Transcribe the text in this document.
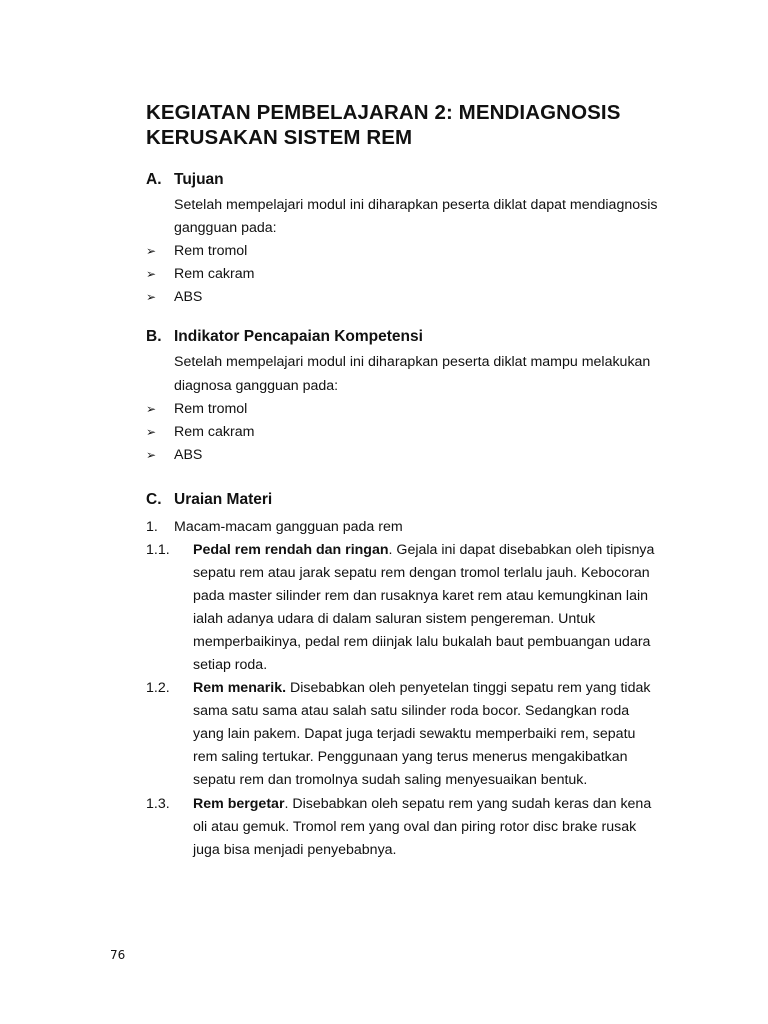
KEGIATAN PEMBELAJARAN 2: MENDIAGNOSIS
KERUSAKAN SISTEM REM
A. Tujuan
Setelah mempelajari modul ini diharapkan peserta diklat dapat mendiagnosis
gangguan pada:
➢ Rem tromol
➢ Rem cakram
➢ ABS
B. Indikator Pencapaian Kompetensi
Setelah mempelajari modul ini diharapkan peserta diklat mampu melakukan
diagnosa gangguan pada:
➢ Rem tromol
➢ Rem cakram
➢ ABS
C. Uraian Materi
1. Macam-macam gangguan pada rem
1.1. Pedal rem rendah dan ringan. Gejala ini dapat disebabkan oleh tipisnya
sepatu rem atau jarak sepatu rem dengan tromol terlalu jauh. Kebocoran
pada master silinder rem dan rusaknya karet rem atau kemungkinan lain
ialah adanya udara di dalam saluran sistem pengereman. Untuk
memperbaikinya, pedal rem diinjak lalu bukalah baut pembuangan udara
setiap roda.
1.2. Rem menarik. Disebabkan oleh penyetelan tinggi sepatu rem yang tidak
sama satu sama atau salah satu silinder roda bocor. Sedangkan roda
yang lain pakem. Dapat juga terjadi sewaktu memperbaiki rem, sepatu
rem saling tertukar. Penggunaan yang terus menerus mengakibatkan
sepatu rem dan tromolnya sudah saling menyesuaikan bentuk.
1.3. Rem bergetar. Disebabkan oleh sepatu rem yang sudah keras dan kena
oli atau gemuk. Tromol rem yang oval dan piring rotor disc brake rusak
juga bisa menjadi penyebabnya.
76
